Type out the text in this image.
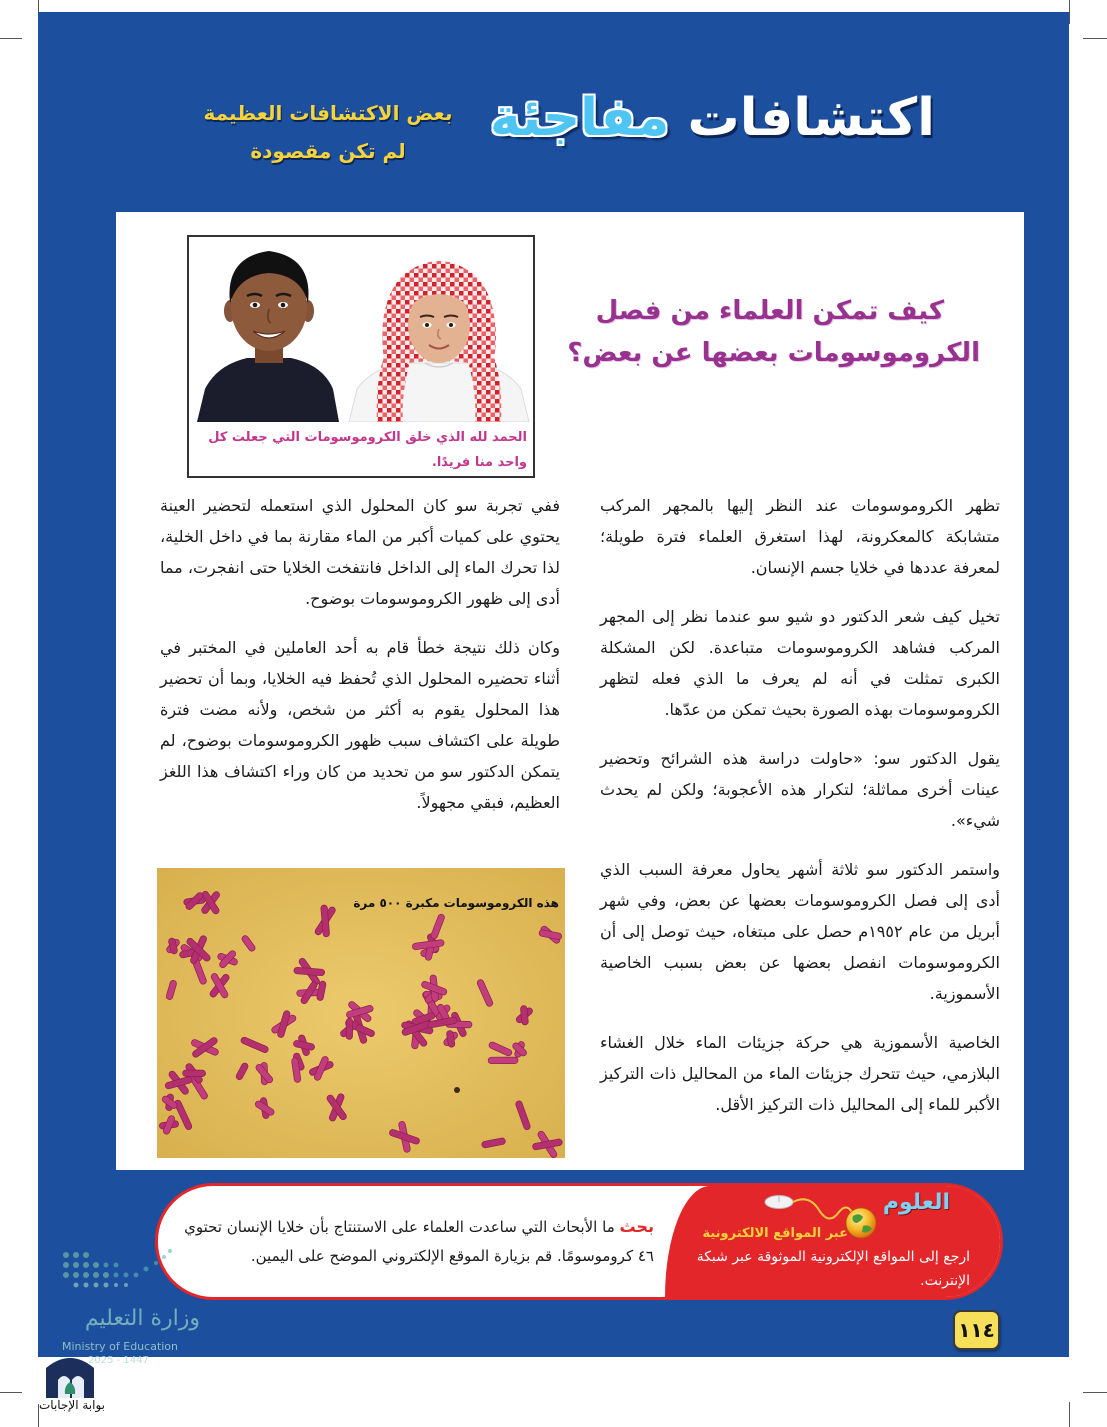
اكتشافات مفاجئة
بعض الاكتشافات العظيمة
لم تكن مقصودة
كيف تمكن العلماء من فصل
الكروموسومات بعضها عن بعض؟
الحمد لله الذي خلق الكروموسومات التي جعلت كل واحد منا فريدًا.

تظهر الكروموسومات عند النظر إليها بالمجهر المركب متشابكة كالمعكرونة، لهذا استغرق العلماء فترة طويلة؛ لمعرفة عددها في خلايا جسم الإنسان.

تخيل كيف شعر الدكتور دو شيو سو عندما نظر إلى المجهر المركب فشاهد الكروموسومات متباعدة. لكن المشكلة الكبرى تمثلت في أنه لم يعرف ما الذي فعله لتظهر الكروموسومات بهذه الصورة بحيث تمكن من عدّها.

يقول الدكتور سو: «حاولت دراسة هذه الشرائح وتحضير عينات أخرى مماثلة؛ لتكرار هذه الأعجوبة؛ ولكن لم يحدث شيء».

واستمر الدكتور سو ثلاثة أشهر يحاول معرفة السبب الذي أدى إلى فصل الكروموسومات بعضها عن بعض، وفي شهر أبريل من عام ١٩٥٢م حصل على مبتغاه، حيث توصل إلى أن الكروموسومات انفصل بعضها عن بعض بسبب الخاصية الأسموزية.

الخاصية الأسموزية هي حركة جزيئات الماء خلال الغشاء البلازمي، حيث تتحرك جزيئات الماء من المحاليل ذات التركيز الأكبر للماء إلى المحاليل ذات التركيز الأقل.

ففي تجربة سو كان المحلول الذي استعمله لتحضير العينة يحتوي على كميات أكبر من الماء مقارنة بما في داخل الخلية، لذا تحرك الماء إلى الداخل فانتفخت الخلايا حتى انفجرت، مما أدى إلى ظهور الكروموسومات بوضوح.

وكان ذلك نتيجة خطأ قام به أحد العاملين في المختبر في أثناء تحضيره المحلول الذي تُحفظ فيه الخلايا، وبما أن تحضير هذا المحلول يقوم به أكثر من شخص، ولأنه مضت فترة طويلة على اكتشاف سبب ظهور الكروموسومات بوضوح، لم يتمكن الدكتور سو من تحديد من كان وراء اكتشاف هذا اللغز العظيم، فبقي مجهولاً.

هذه الكروموسومات مكبرة ٥٠٠ مرة
بحث ما الأبحاث التي ساعدت العلماء على الاستنتاج بأن خلايا الإنسان تحتوي ٤٦ كروموسومًا. قم بزيارة الموقع الإلكتروني الموضح على اليمين.
العلوم
عبر المواقع الالكترونية
ارجع إلى المواقع الإلكترونية الموثوقة عبر شبكة الإنترنت.
١١٤
وزارة التعليم
Ministry of Education
2025 - 1447
بوابة الإجابات
